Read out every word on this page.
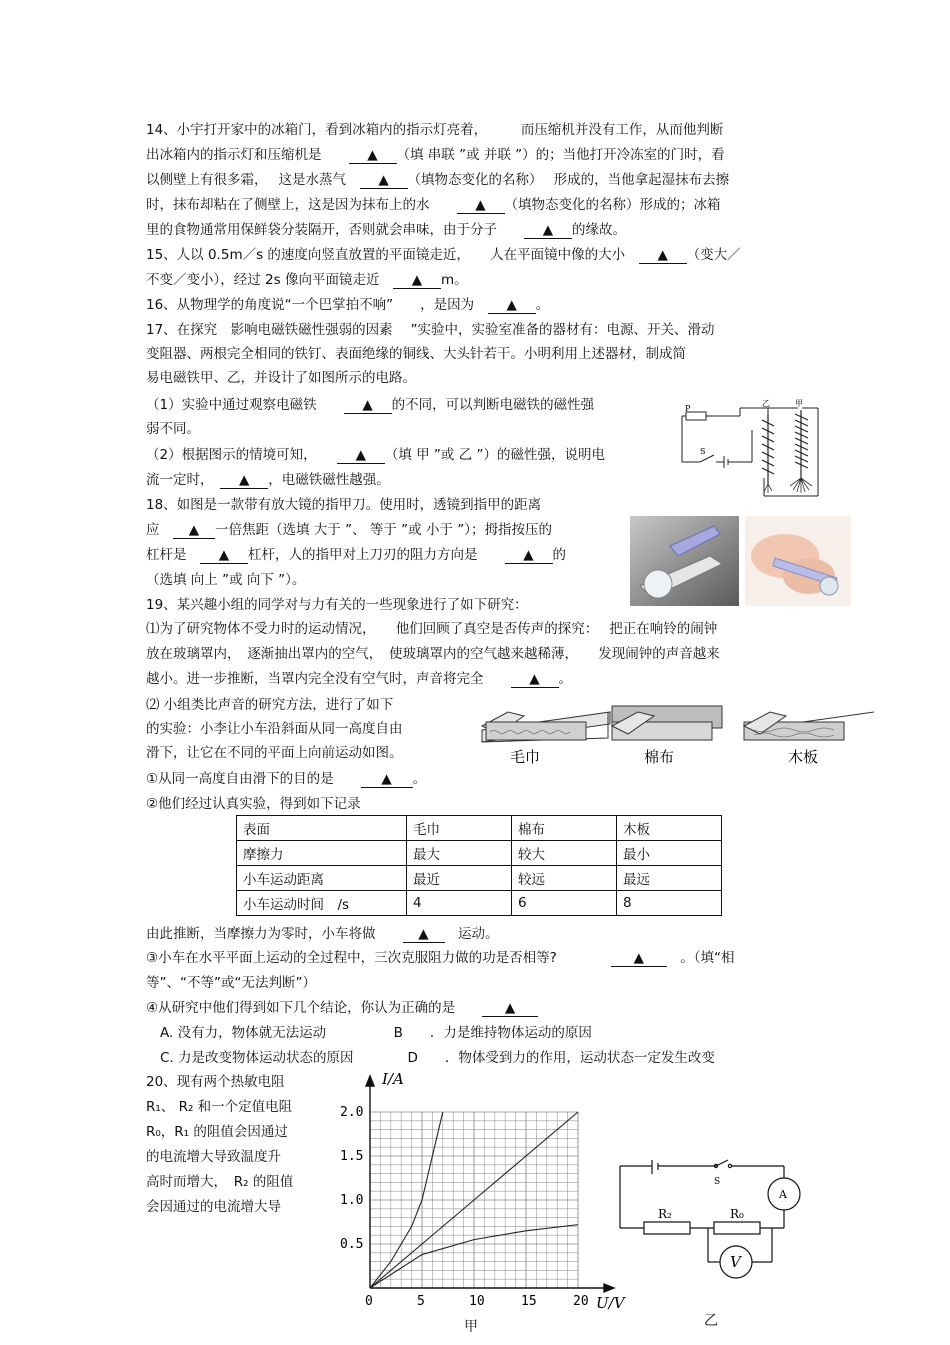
14、小宇打开家中的冰箱门，看到冰箱内的指示灯亮着，　　　而压缩机并没有工作，从而他判断
出冰箱内的指示灯和压缩机是　　▲ （填 串联 ”或 并联 ”）的；当他打开冷冻室的门时，看
以侧壁上有很多霜，　 这是水蒸气　▲ （填物态变化的名称）　 形成的，当他拿起湿抹布去擦
时，抹布却粘在了侧壁上，这是因为抹布上的水　　▲ （填物态变化的名称）形成的；冰箱
里的食物通常用保鲜袋分装隔开，否则就会串味，由于分子　　▲ 的缘故。
15、人以 0.5m／s 的速度向竖直放置的平面镜走近，　　人在平面镜中像的大小　▲ （变大／
不变／变小），经过 2s 像向平面镜走近　▲ m。
16、从物理学的角度说“一个巴掌拍不响”　　，是因为　▲ 。
17、在探究　影响电磁铁磁性强弱的因素　 ”实验中，实验室准备的器材有：电源、开关、滑动
变阻器、两根完全相同的铁钉、表面绝缘的铜线、大头针若干。小明利用上述器材，制成简
易电磁铁甲、乙，并设计了如图所示的电路。
（1）实验中通过观察电磁铁　　▲ 的不同，可以判断电磁铁的磁性强
弱不同。
（2）根据图示的情境可知，　　▲ （填 甲 ”或 乙 ”）的磁性强，说明电
流一定时，　▲ ，电磁铁磁性越强。
P
S
乙	甲
18、如图是一款带有放大镜的指甲刀。使用时，透镜到指甲的距离
应　▲ 一倍焦距（选填 大于 ”、 等于 ”或 小于 ”）；拇指按压的
杠杆是　▲ 杠杆，人的指甲对上刀刃的阻力方向是　　▲ 的
（选填 向上 ”或 向下 ”）。
19、某兴趣小组的同学对与力有关的一些现象进行了如下研究：
⑴为了研究物体不受力时的运动情况，　　他们回顾了真空是否传声的探究：　 把正在响铃的闹钟
放在玻璃罩内，　逐渐抽出罩内的空气，　使玻璃罩内的空气越来越稀薄，　　发现闹钟的声音越来
越小。进一步推断，当罩内完全没有空气时，声音将完全　　▲ 。
⑵ 小组类比声音的研究方法，进行了如下
的实验：小李让小车沿斜面从同一高度自由
滑下，让它在不同的平面上向前运动如图。	毛巾	棉布	木板
①从同一高度自由滑下的目的是　　▲ 。
②他们经过认真实验，得到如下记录
表面	毛巾	棉布	木板
摩擦力	最大	较大	最小
小车运动距离	最近	较远	最远
小车运动时间　/s	4	6	8
由此推断，当摩擦力为零时，小车将做　　▲　运动。
③小车在水平平面上运动的全过程中，三次克服阻力做的功是否相等?　　　　▲　。（填“相
等”、“不等”或“无法判断”）
④从研究中他们得到如下几个结论，你认为正确的是　　▲
A. 没有力，物体就无法运动　　　　　B　　．力是维持物体运动的原因
C. 力是改变物体运动状态的原因　　　　D　　．物体受到力的作用，运动状态一定发生改变
20、现有两个热敏电阻
R₁、 R₂ 和一个定值电阻
R₀，R₁ 的阻值会因通过
的电流增大导致温度升
高时而增大，　R₂ 的阻值
会因通过的电流增大导
I/A
U/V
2.0
1.5
1.0
0.5
0	5	10	15	20
甲
S
A
V
R₂	R₀
乙
